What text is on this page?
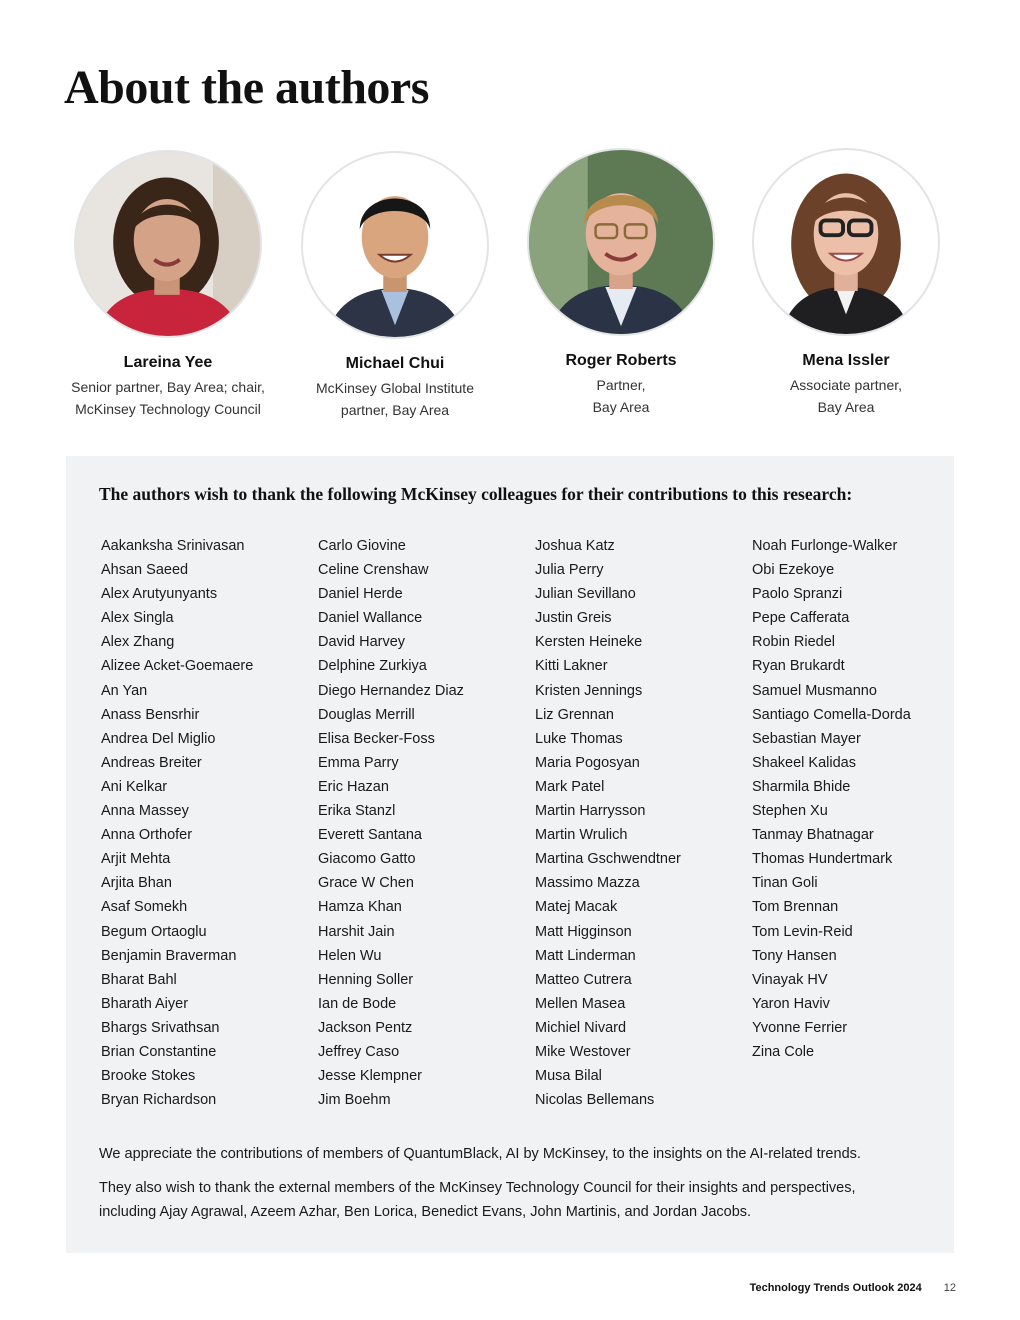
About the authors
Lareina Yee
Senior partner, Bay Area; chair,
McKinsey Technology Council
Michael Chui
McKinsey Global Institute
partner, Bay Area
Roger Roberts
Partner,
Bay Area
Mena Issler
Associate partner,
Bay Area
The authors wish to thank the following McKinsey colleagues for their contributions to this research:
Aakanksha Srinivasan
Ahsan Saeed
Alex Arutyunyants
Alex Singla
Alex Zhang
Alizee Acket-Goemaere
An Yan
Anass Bensrhir
Andrea Del Miglio
Andreas Breiter
Ani Kelkar
Anna Massey
Anna Orthofer
Arjit Mehta
Arjita Bhan
Asaf Somekh
Begum Ortaoglu
Benjamin Braverman
Bharat Bahl
Bharath Aiyer
Bhargs Srivathsan
Brian Constantine
Brooke Stokes
Bryan Richardson
Carlo Giovine
Celine Crenshaw
Daniel Herde
Daniel Wallance
David Harvey
Delphine Zurkiya
Diego Hernandez Diaz
Douglas Merrill
Elisa Becker-Foss
Emma Parry
Eric Hazan
Erika Stanzl
Everett Santana
Giacomo Gatto
Grace W Chen
Hamza Khan
Harshit Jain
Helen Wu
Henning Soller
Ian de Bode
Jackson Pentz
Jeffrey Caso
Jesse Klempner
Jim Boehm
Joshua Katz
Julia Perry
Julian Sevillano
Justin Greis
Kersten Heineke
Kitti Lakner
Kristen Jennings
Liz Grennan
Luke Thomas
Maria Pogosyan
Mark Patel
Martin Harrysson
Martin Wrulich
Martina Gschwendtner
Massimo Mazza
Matej Macak
Matt Higginson
Matt Linderman
Matteo Cutrera
Mellen Masea
Michiel Nivard
Mike Westover
Musa Bilal
Nicolas Bellemans
Noah Furlonge-Walker
Obi Ezekoye
Paolo Spranzi
Pepe Cafferata
Robin Riedel
Ryan Brukardt
Samuel Musmanno
Santiago Comella-Dorda
Sebastian Mayer
Shakeel Kalidas
Sharmila Bhide
Stephen Xu
Tanmay Bhatnagar
Thomas Hundertmark
Tinan Goli
Tom Brennan
Tom Levin-Reid
Tony Hansen
Vinayak HV
Yaron Haviv
Yvonne Ferrier
Zina Cole

We appreciate the contributions of members of QuantumBlack, AI by McKinsey, to the insights on the AI-related trends.

They also wish to thank the external members of the McKinsey Technology Council for their insights and perspectives,
including Ajay Agrawal, Azeem Azhar, Ben Lorica, Benedict Evans, John Martinis, and Jordan Jacobs.

Technology Trends Outlook 2024 12
